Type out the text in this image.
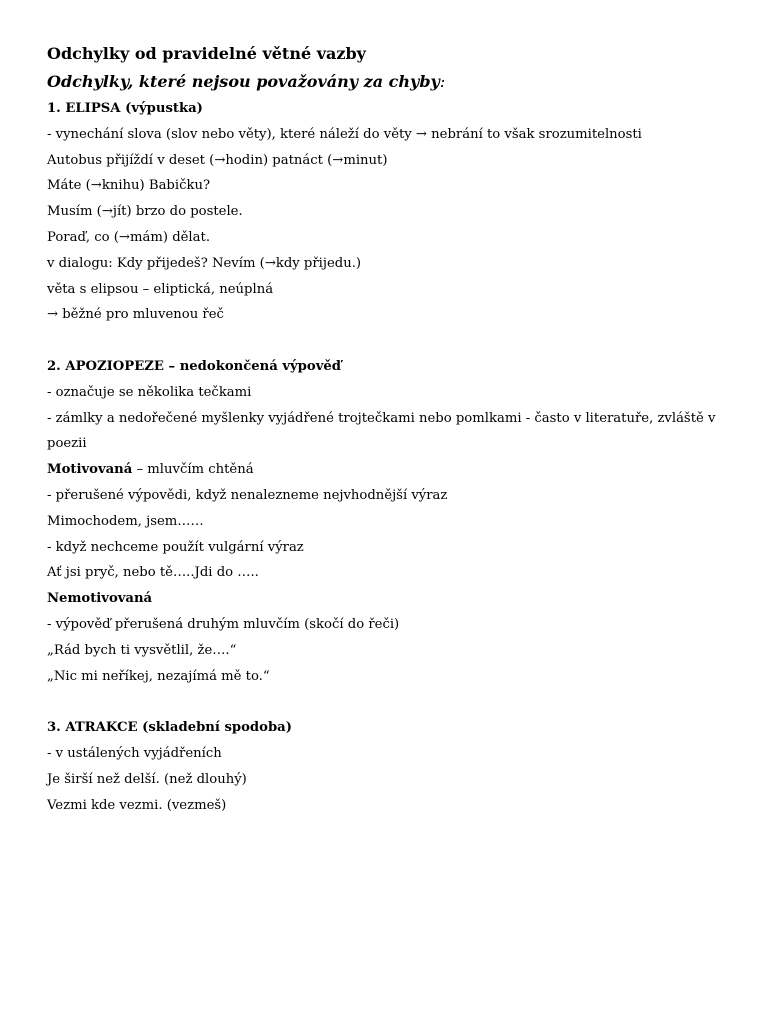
Odchylky od pravidelné větné vazby
Odchylky, které nejsou považovány za chyby:
1. ELIPSA (výpustka)
- vynechání slova (slov nebo věty), které náleží do věty → nebrání to však srozumitelnosti
Autobus přijíždí v deset (→hodin) patnáct (→minut)
Máte (→knihu) Babičku?
Musím (→jít) brzo do postele.
Poraď, co (→mám) dělat.
v dialogu: Kdy přijedeš? Nevím (→kdy přijedu.)
věta s elipsou – eliptická, neúplná
→ běžné pro mluvenou řeč
2. APOZIOPEZE – nedokončená výpověď
- označuje se několika tečkami
- zámlky a nedořečené myšlenky vyjádřené trojtečkami nebo pomlkami - často v literatuře, zvláště v poezii
Motivovaná – mluvčím chtěná
- přerušené výpovědi, když nenalezneme nejvhodnější výraz
Mimochodem, jsem……
- když nechceme použít vulgární výraz
Ať jsi pryč, nebo tě…..Jdi do …..
Nemotivovaná
- výpověď přerušená druhým mluvčím (skočí do řeči)
„Rád bych ti vysvětlil, že….“
„Nic mi neříkej, nezajímá mě to.“
3. ATRAKCE (skladební spodoba)
- v ustálených vyjádřeních
Je širší než delší. (než dlouhý)
Vezmi kde vezmi. (vezmeš)
